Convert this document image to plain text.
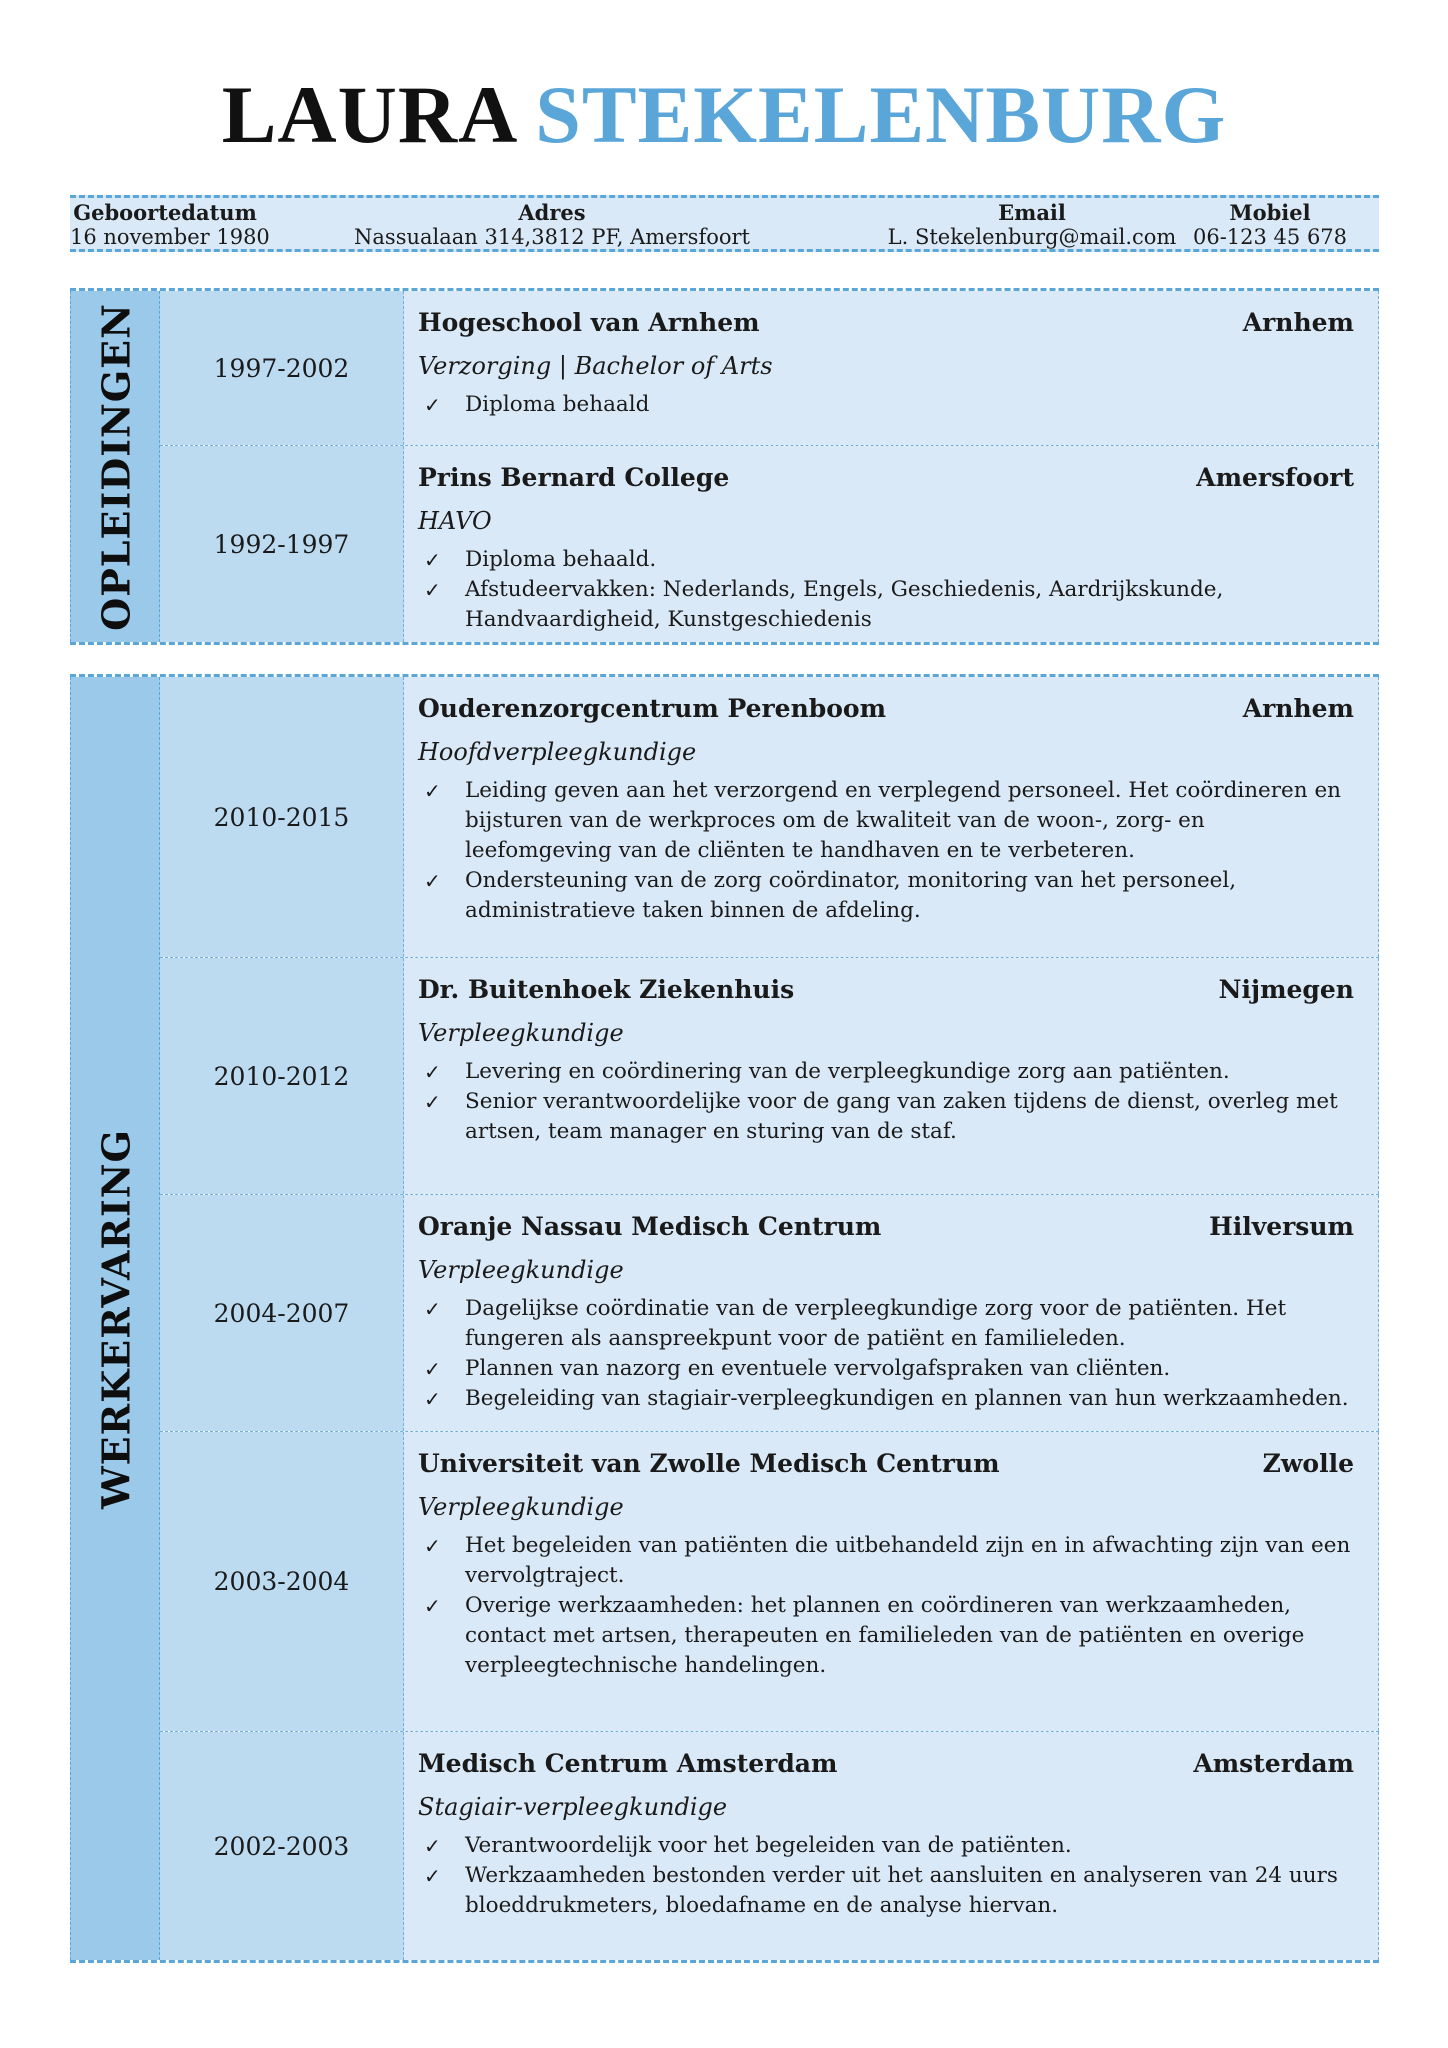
LAURA STEKELENBURG
Geboortedatum
16 november 1980
Adres
Nassualaan 314,3812 PF, Amersfoort
Email
L. Stekelenburg@mail.com
Mobiel
06-123 45 678
OPLEIDINGEN	1997-2002
Hogeschool van Arnhem	Arnhem
Verzorging | Bachelor of Arts
✓ Diploma behaald
1992-1997
Prins Bernard College	Amersfoort
HAVO
✓ Diploma behaald.
✓ Afstudeervakken: Nederlands, Engels, Geschiedenis, Aardrijkskunde, Handvaardigheid, Kunstgeschiedenis
WERKERVARING
2010-2015
Ouderenzorgcentrum Perenboom	Arnhem
Hoofdverpleegkundige
✓ Leiding geven aan het verzorgend en verplegend personeel. Het coördineren en bijsturen van de werkproces om de kwaliteit van de woon-, zorg- en leefomgeving van de cliënten te handhaven en te verbeteren.
✓ Ondersteuning van de zorg coördinator, monitoring van het personeel, administratieve taken binnen de afdeling.
2010-2012
Dr. Buitenhoek Ziekenhuis	Nijmegen
Verpleegkundige
✓ Levering en coördinering van de verpleegkundige zorg aan patiënten.
✓ Senior verantwoordelijke voor de gang van zaken tijdens de dienst, overleg met artsen, team manager en sturing van de staf.
2004-2007
Oranje Nassau Medisch Centrum	Hilversum
Verpleegkundige
✓ Dagelijkse coördinatie van de verpleegkundige zorg voor de patiënten. Het fungeren als aanspreekpunt voor de patiënt en familieleden.
✓ Plannen van nazorg en eventuele vervolgafspraken van cliënten.
✓ Begeleiding van stagiair-verpleegkundigen en plannen van hun werkzaamheden.
2003-2004
Universiteit van Zwolle Medisch Centrum	Zwolle
Verpleegkundige
✓ Het begeleiden van patiënten die uitbehandeld zijn en in afwachting zijn van een vervolgtraject.
✓ Overige werkzaamheden: het plannen en coördineren van werkzaamheden, contact met artsen, therapeuten en familieleden van de patiënten en overige verpleegtechnische handelingen.
2002-2003
Medisch Centrum Amsterdam	Amsterdam
Stagiair-verpleegkundige
✓ Verantwoordelijk voor het begeleiden van de patiënten.
✓ Werkzaamheden bestonden verder uit het aansluiten en analyseren van 24 uurs bloeddrukmeters, bloedafname en de analyse hiervan.
